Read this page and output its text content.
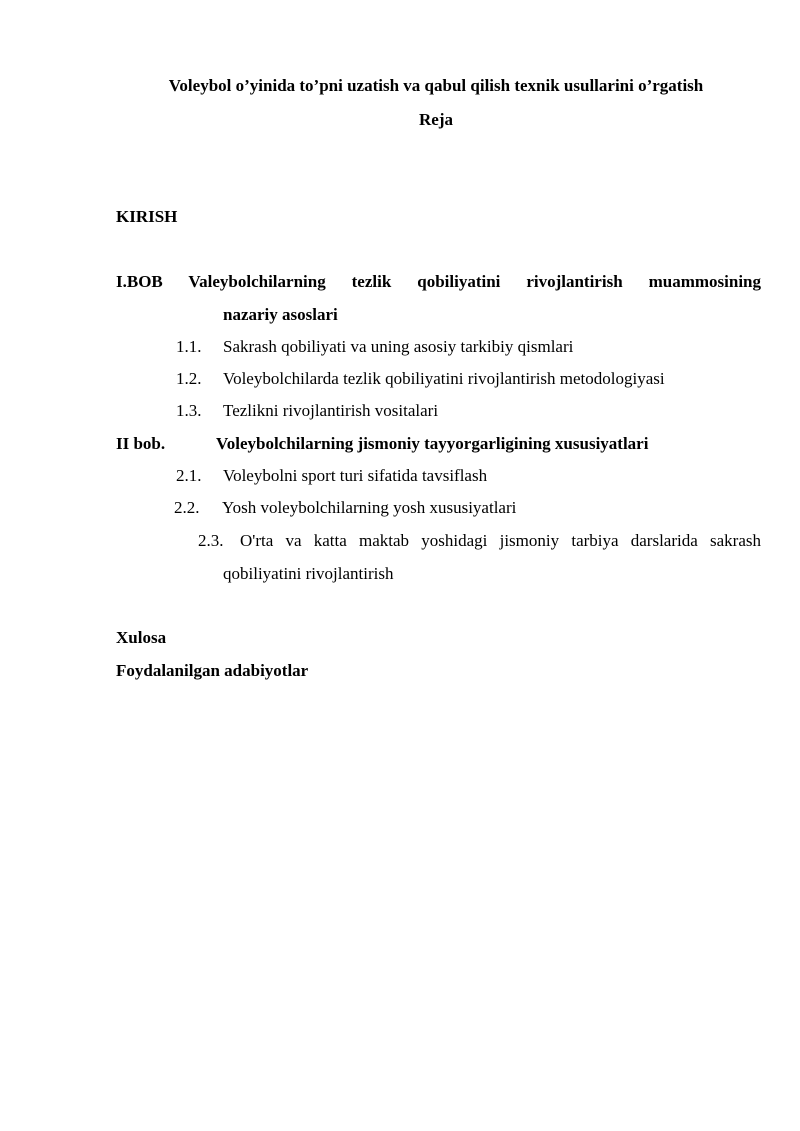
Voleybol o’yinida to’pni uzatish va qabul qilish texnik usullarini o’rgatish
Reja
KIRISH
I.BOB Valeybolchilarning tezlik qobiliyatini rivojlantirish muammosining
nazariy asoslari
1.1. Sakrash qobiliyati va uning asosiy tarkibiy qismlari
1.2. Voleybolchilarda tezlik qobiliyatini rivojlantirish metodologiyasi
1.3. Tezlikni rivojlantirish vositalari
II bob.	Voleybolchilarning jismoniy tayyorgarligining xususiyatlari
2.1. Voleybolni sport turi sifatida tavsiflash
2.2. Yosh voleybolchilarning yosh xususiyatlari
2.3. O'rta va katta maktab yoshidagi jismoniy tarbiya darslarida sakrash
qobiliyatini rivojlantirish
Xulosa
Foydalanilgan adabiyotlar
